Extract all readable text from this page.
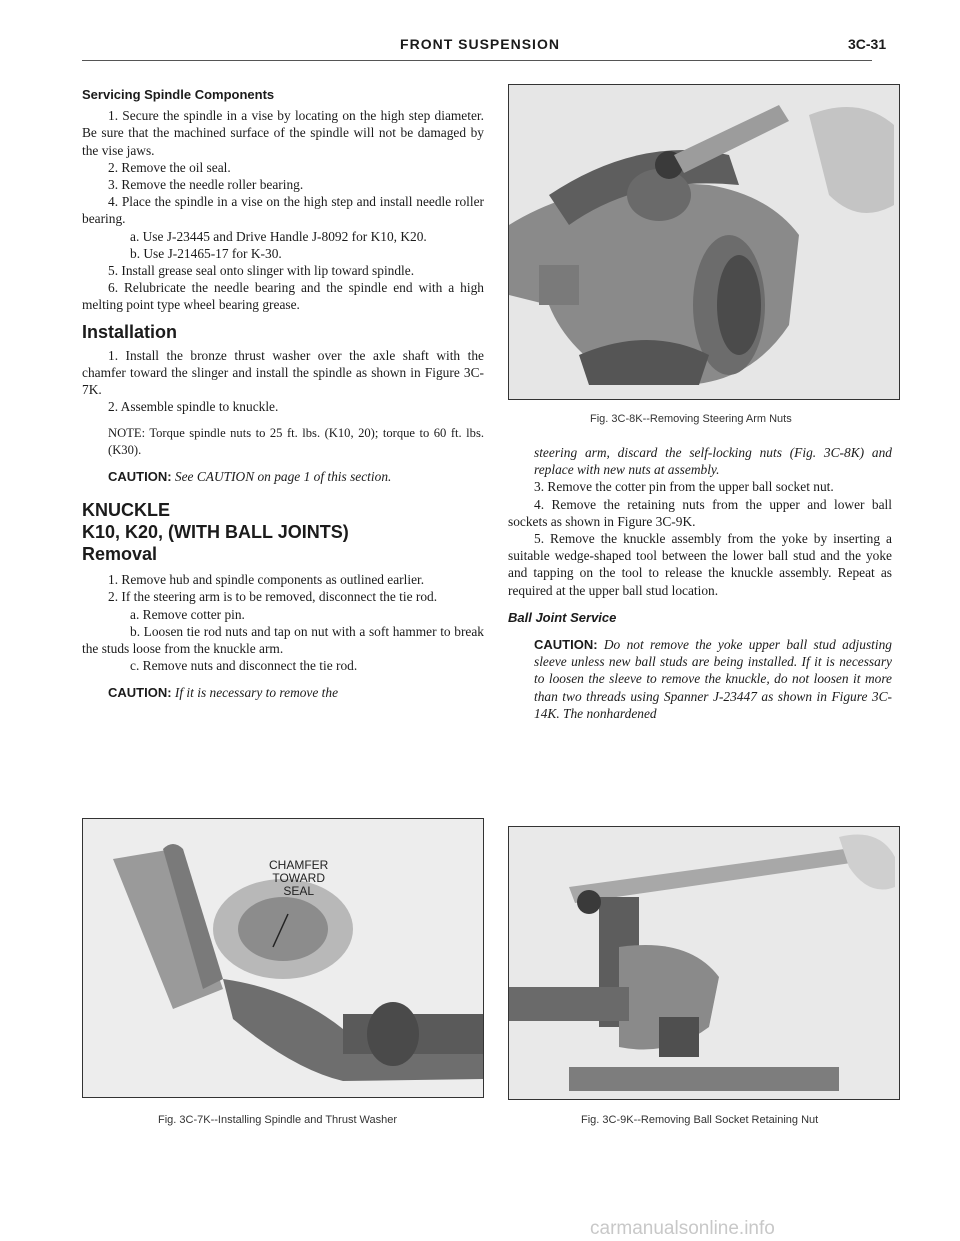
FRONT SUSPENSION	3C-31
Servicing Spindle Components

1. Secure the spindle in a vise by locating on the high step diameter. Be sure that the machined surface of the spindle will not be damaged by the vise jaws.

2. Remove the oil seal.

3. Remove the needle roller bearing.

4. Place the spindle in a vise on the high step and install needle roller bearing.

a. Use J-23445 and Drive Handle J-8092 for K10, K20.

b. Use J-21465-17 for K-30.

5. Install grease seal onto slinger with lip toward spindle.

6. Relubricate the needle bearing and the spindle end with a high melting point type wheel bearing grease.

Installation

1. Install the bronze thrust washer over the axle shaft with the chamfer toward the slinger and install the spindle as shown in Figure 3C-7K.

2. Assemble spindle to knuckle.

NOTE: Torque spindle nuts to 25 ft. lbs. (K10, 20); torque to 60 ft. lbs. (K30).

CAUTION: See CAUTION on page 1 of this section.

KNUCKLE
K10, K20, (WITH BALL JOINTS)
Removal

1. Remove hub and spindle components as outlined earlier.

2. If the steering arm is to be removed, disconnect the tie rod.

a. Remove cotter pin.

b. Loosen tie rod nuts and tap on nut with a soft hammer to break the studs loose from the knuckle arm.

c. Remove nuts and disconnect the tie rod.

CAUTION: If it is necessary to remove the

Fig. 3C-8K--Removing Steering Arm Nuts

steering arm, discard the self-locking nuts (Fig. 3C-8K) and replace with new nuts at assembly.

3. Remove the cotter pin from the upper ball socket nut.

4. Remove the retaining nuts from the upper and lower ball sockets as shown in Figure 3C-9K.

5. Remove the knuckle assembly from the yoke by inserting a suitable wedge-shaped tool between the lower ball stud and the yoke and tapping on the tool to release the knuckle assembly. Repeat as required at the upper ball stud location.

Ball Joint Service

CAUTION: Do not remove the yoke upper ball stud adjusting sleeve unless new ball studs are being installed. If it is necessary to loosen the sleeve to remove the knuckle, do not loosen it more than two threads using Spanner J-23447 as shown in Figure 3C-14K. The nonhardened

CHAMFER
TOWARD
SEAL
Fig. 3C-7K--Installing Spindle and Thrust Washer	Fig. 3C-9K--Removing Ball Socket Retaining Nut
carmanualsonline.info
